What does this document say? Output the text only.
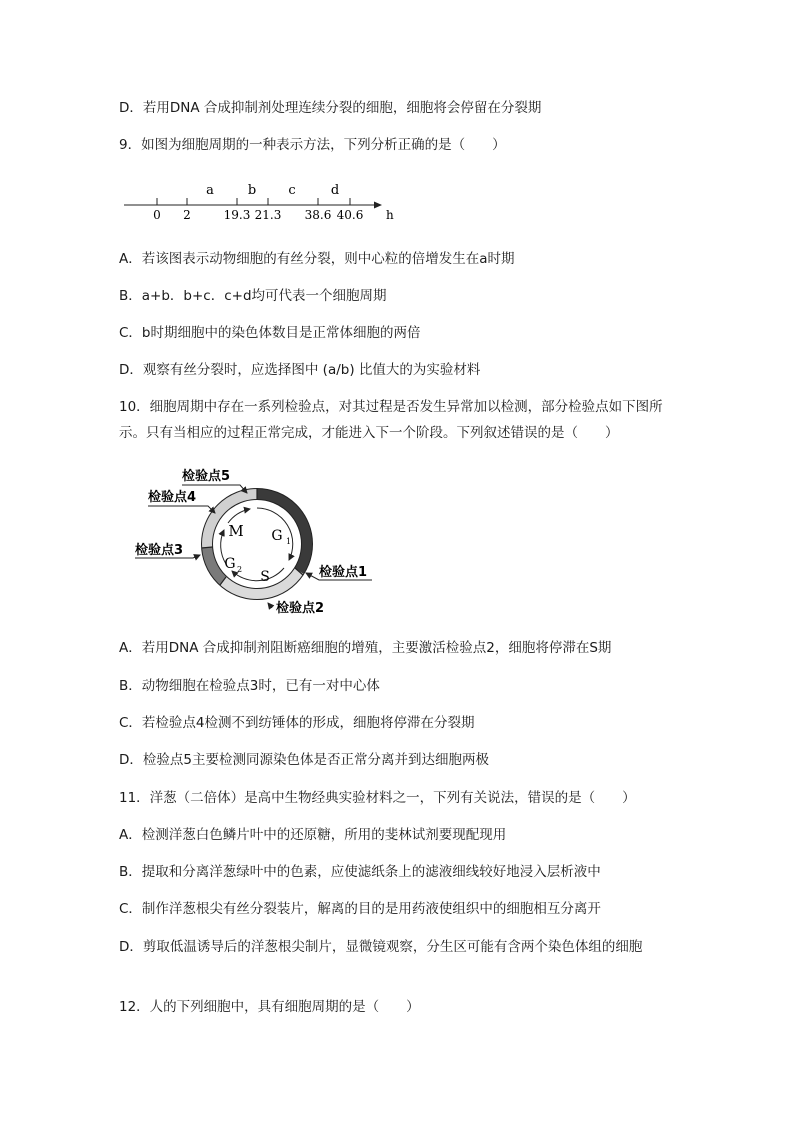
D．若用DNA 合成抑制剂处理连续分裂的细胞，细胞将会停留在分裂期
9．如图为细胞周期的一种表示方法，下列分析正确的是（　　）
a	b c	d
0 2	19.3 21.3 38.6 40.6 h
A．若该图表示动物细胞的有丝分裂，则中心粒的倍增发生在a时期
B．a+b．b+c．c+d均可代表一个细胞周期
C．b时期细胞中的染色体数目是正常体细胞的两倍
D．观察有丝分裂时，应选择图中 (a/b) 比值大的为实验材料
10．细胞周期中存在一系列检验点，对其过程是否发生异常加以检测，部分检验点如下图所示。只有当相应的过程正常完成，才能进入下一个阶段。下列叙述错误的是（　　）
M G 1
G 2 S
检验点5
检验点4
检验点3
检验点1
检验点2
A．若用DNA 合成抑制剂阻断癌细胞的增殖，主要激活检验点2，细胞将停滞在S期
B．动物细胞在检验点3时，已有一对中心体
C．若检验点4检测不到纺锤体的形成，细胞将停滞在分裂期
D．检验点5主要检测同源染色体是否正常分离并到达细胞两极
11．洋葱（二倍体）是高中生物经典实验材料之一，下列有关说法，错误的是（　　）
A．检测洋葱白色鳞片叶中的还原糖，所用的斐林试剂要现配现用
B．提取和分离洋葱绿叶中的色素，应使滤纸条上的滤液细线较好地浸入层析液中
C．制作洋葱根尖有丝分裂装片，解离的目的是用药液使组织中的细胞相互分离开
D．剪取低温诱导后的洋葱根尖制片，显微镜观察，分生区可能有含两个染色体组的细胞
12．人的下列细胞中，具有细胞周期的是（　　）
